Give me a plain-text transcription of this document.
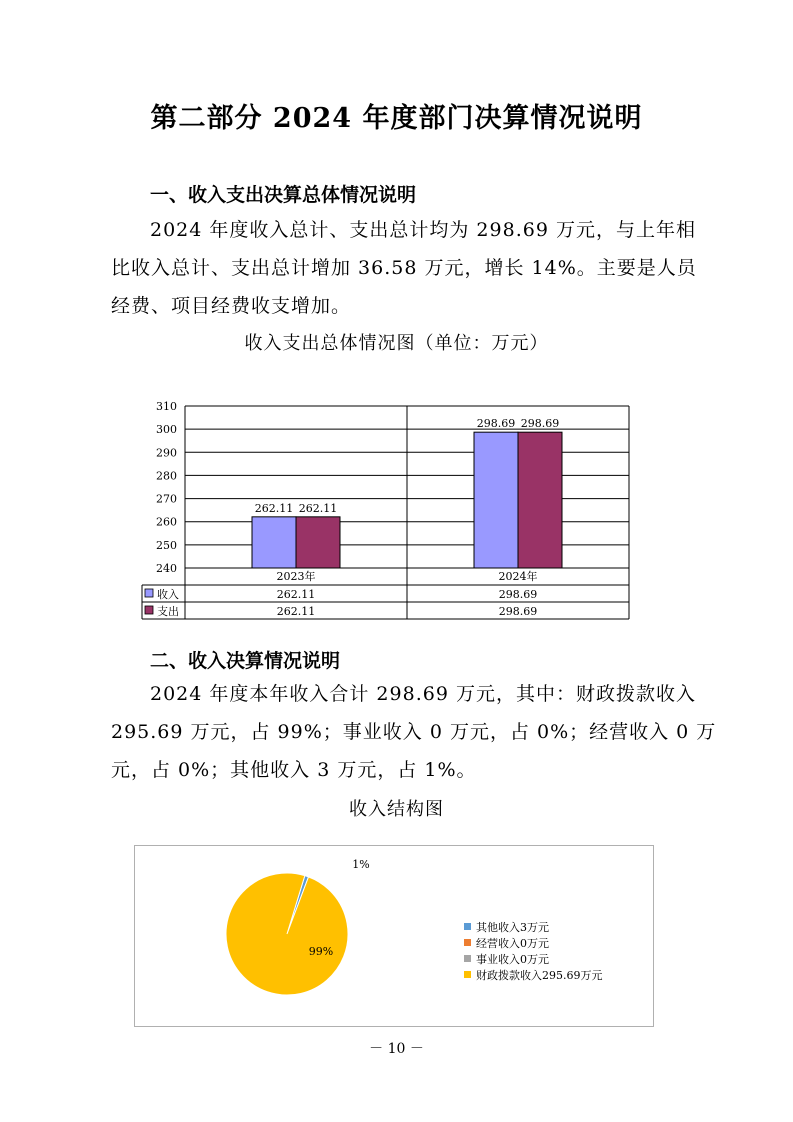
第二部分 2024 年度部门决算情况说明
一、收入支出决算总体情况说明
2024 年度收入总计、支出总计均为 298.69 万元，与上年相
比收入总计、支出总计增加 36.58 万元，增长 14%。主要是人员
经费、项目经费收支增加。
收入支出总体情况图（单位：万元）
240
250
260
270
280
290
300
310
262.11 262.11
298.69 298.69
2023年	2024年
收入	262.11	298.69
支出	262.11	298.69
二、收入决算情况说明
2024 年度本年收入合计 298.69 万元，其中：财政拨款收入
295.69 万元，占 99%；事业收入 0 万元，占 0%；经营收入 0 万
元，占 0%；其他收入 3 万元，占 1%。
收入结构图
1%
99%
其他收入3万元
经营收入0万元
事业收入0万元
财政拨款收入295.69万元
－ 10 －
